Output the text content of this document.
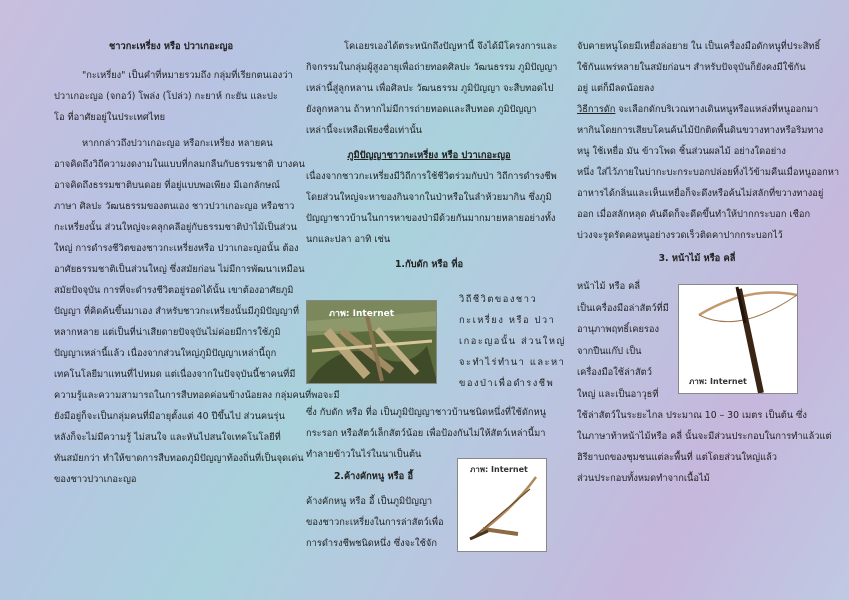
ชาวกะเหรี่ยง หรือ ปวาเกอะญอ
"กะเหรี่ยง" เป็นคำที่หมายรวมถึง กลุ่มที่เรียกตนเองว่า
ปวาเกอะญอ (จกอว์) โพล่ง (โปล่ว) กะยาห์ กะยัน และปะ
โอ ที่อาศัยอยู่ในประเทศไทย
หากกล่าวถึงปวาเกอะญอ หรือกะเหรี่ยง หลายคน
อาจคิดถึงวิถีความงดงามในแบบที่กลมกลืนกับธรรมชาติ บางคน
อาจคิดถึงธรรมชาติบนดอย ที่อยู่แบบพอเพียง มีเอกลักษณ์
ภาษา ศิลปะ วัฒนธรรมของตนเอง ชาวปวาเกอะญอ หรือชาว
กะเหรี่ยงนั้น ส่วนใหญ่จะคลุกคลีอยู่กับธรรมชาติป่าไม้เป็นส่วน
ใหญ่ การดำรงชีวิตของชาวกะเหรี่ยงหรือ ปวาเกอะญอนั้น ต้อง
อาศัยธรรมชาติเป็นส่วนใหญ่ ซึ่งสมัยก่อน ไม่มีการพัฒนาเหมือน
สมัยปัจจุบัน การที่จะดำรงชีวิตอยู่รอดได้นั้น เขาต้องอาศัยภูมิ
ปัญญา ที่คิดค้นขึ้นมาเอง สำหรับชาวกะเหรี่ยงนั้นมีภูมิปัญญาที่
หลากหลาย แต่เป็นที่น่าเสียดายปัจจุบันไม่ค่อยมีการใช้ภูมิ
ปัญญาเหล่านี้แล้ว เนื่องจากส่วนใหญ่ภูมิปัญญาเหล่านี้ถูก
เทคโนโลยีมาแทนที่ไปหมด แต่เนื่องจากในปัจจุบันนี้ชาคนที่มี
ความรู้และความสามารถในการสืบทอดค่อนข้างน้อยลง กลุ่มคนที่พอจะมี
ยังมีอยู่ก็จะเป็นกลุ่มคนที่มีอายุตั้งแต่ 40 ปีขึ้นไป ส่วนคนรุ่น
หลังก็จะไม่มีความรู้ ไม่สนใจ และหันไปสนใจเทคโนโลยีที่
ทันสมัยกว่า ทำให้ขาดการสืบทอดภูมิปัญญาท้องถิ่นที่เป็นจุดเด่น
ของชาวปวาเกอะญอ
โคเอยรเองได้ตระหนักถึงปัญหานี้ จึงได้มีโครงการและ
กิจกรรมในกลุ่มผู้สูงอายุเพื่อถ่ายทอดศิลปะ วัฒนธรรม ภูมิปัญญา
เหล่านี้สู่ลูกหลาน เพื่อศิลปะ วัฒนธรรม ภูมิปัญญา จะสืบทอดไป
ยังลูกหลาน ถ้าหากไม่มีการถ่ายทอดและสืบทอด ภูมิปัญญา
เหล่านี้จะเหลือเพียงชื่อเท่านั้น
ภูมิปัญญาชาวกะเหรี่ยง หรือ ปวาเกอะญอ
เนื่องจากชาวกะเหรี่ยงมีวิถีการใช้ชีวิตร่วมกับป่า วิถีการดำรงชีพ
โดยส่วนใหญ่จะหาของกินจากในป่าหรือในลำห้วยมากิน ซึ่งภูมิ
ปัญญาชาวบ้านในการหาของป่ามีด้วยกันมากมายหลายอย่างทั้ง
นกและปลา อาทิ เช่น
1.กับดัก หรือ ที่อ
ภาพ: Internet
วิถีชีวิตของชาว
กะเหรี่ยง หรือ ปวา
เกอะญอนั้น ส่วนใหญ่
จะทำไร่ทำนา และหา
ของป่าเพื่อดำรงชีพ
ซึ่ง กับดัก หรือ ที่อ เป็นภูมิปัญญาชาวบ้านชนิดหนึ่งที่ใช้ดักหนู
กระรอก หรือสัตว์เล็กสัตว์น้อย เพื่อป้องกันไม่ให้สัตว์เหล่านี้มา
ทำลายข้าวในไร่ในนาเป็นต้น
2.ค้างคักหนู หรือ อี้
ค้างคักหนู หรือ อี้ เป็นภูมิปัญญา
ของชาวกะเหรี่ยงในการล่าสัตว์เพื่อ
การดำรงชีพชนิดหนึ่ง ซึ่งจะใช้จัก
ภาพ: Internet
จับคายหนูโดยมีเหยื่อล่อยาย ใน เป็นเครื่องมือดักหนูที่ประสิทธิ์
ใช้กันแพร่หลายในสมัยก่อนฯ สำหรับปัจจุบันก็ยังคงมีใช้กัน
อยู่ แต่ก็มีลดน้อยลง
วิธีการดัก จะเลือกดักบริเวณทางเดินหนูหรือแหล่งที่หนูออกมา
หากินโดยการเสียบโคนค้นไม้ปักติดพื้นดินขวางทางหรือริมทาง
หนู ใช้เหยื่อ มัน ข้าวโพด ชิ้นส่วนผลไม้ อย่างใดอย่าง
หนึ่ง ใส่ไว้ภายในบ่ากะบะกระบอกปล่อยทิ้งไว้ข้ามคืนเมื่อหนูออกหา
อาหารได้กลิ่นและเห็นเหยื่อก็จะดึงหรือค้นไม่สลักที่ขวางทางอยู่
ออก เมื่อสลักหลุด คันดีดก็จะดีดขึ้นทำให้ปากกระบอก เชือก
บ่วงจะรูดรัดคอหนูอย่างรวดเร็วติดคาปากกระบอกไว้
3. หน้าไม้ หรือ คลี่
หน้าไม้ หรือ คลี่
เป็นเครื่องมือล่าสัตว์ที่มี
อานุภาพฤทธิ์เคยรอง
จากปืนแก๊ป เป็น
เครื่องมือใช้ล่าสัตว์
ใหญ่ และเป็นอาวุธที่
ภาพ: Internet
ใช้ล่าสัตว์ในระยะไกล ประมาณ 10 – 30 เมตร เป็นต้น ซึ่ง
ในภาษาท้าหน้าไม้หรือ คลี่ นั้นจะมีส่วนประกอบในการทำแล้วแต่
ฮิรียาบถของชุมชนแต่ละพื้นที่ แต่โดยส่วนใหญ่แล้ว
ส่วนประกอบทั้งหมดทำจากเนื้อไม้
